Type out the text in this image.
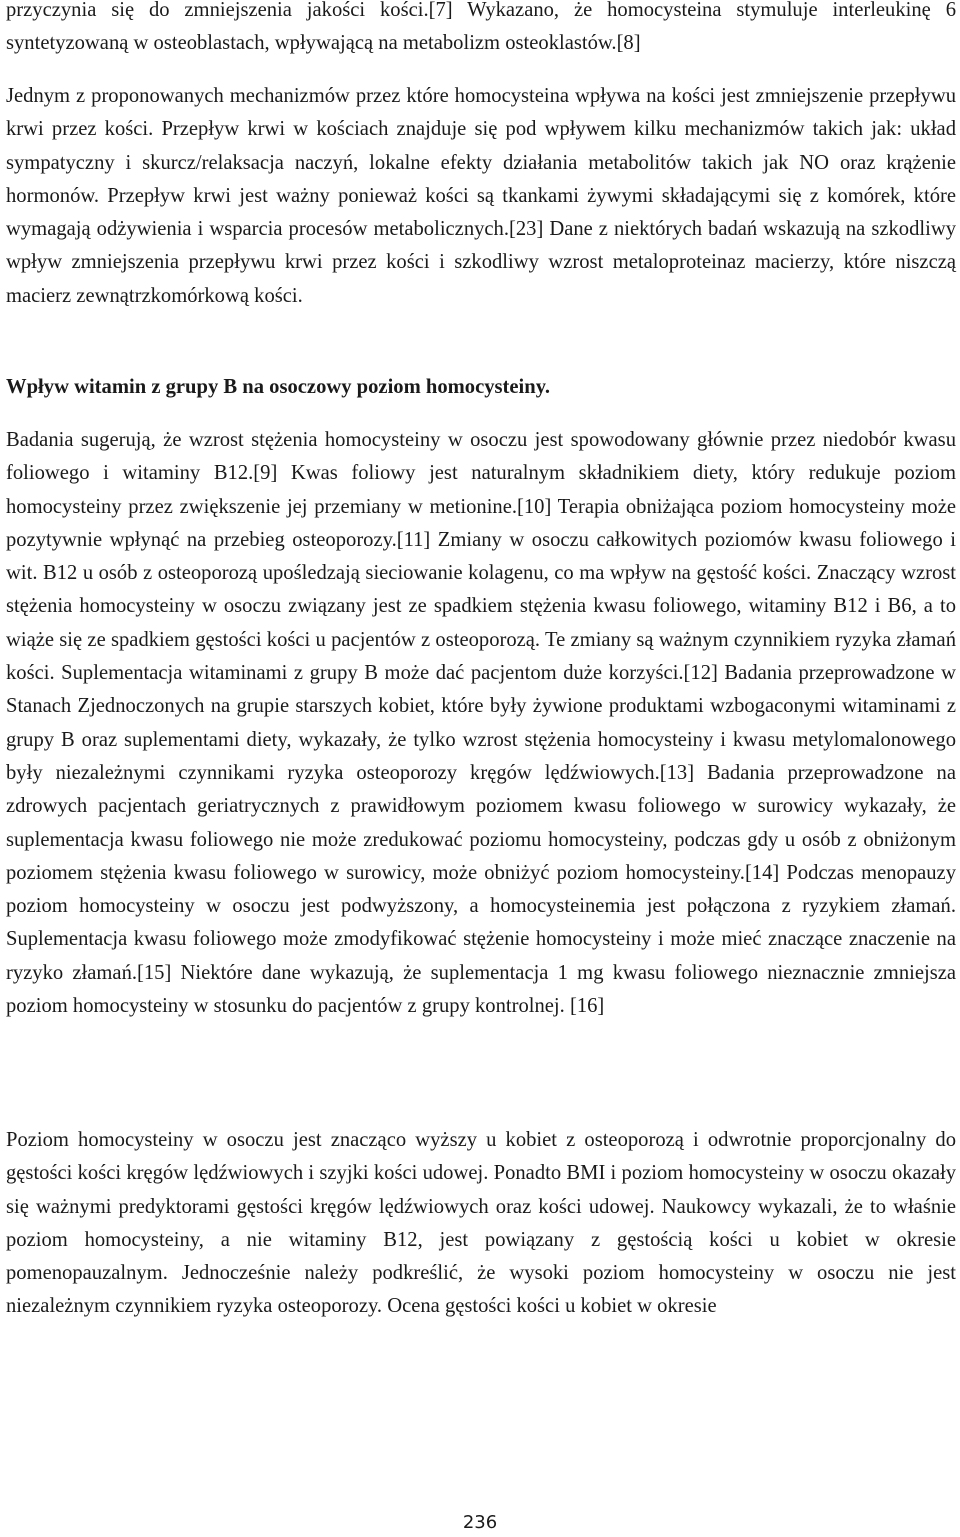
przyczynia się do zmniejszenia jakości kości.[7] Wykazano, że homocysteina stymuluje interleukinę 6 syntetyzowaną w osteoblastach, wpływającą na metabolizm osteoklastów.[8]

Jednym z proponowanych mechanizmów przez które homocysteina wpływa na kości jest zmniejszenie przepływu krwi przez kości. Przepływ krwi w kościach znajduje się pod wpływem kilku mechanizmów takich jak: układ sympatyczny i skurcz/relaksacja naczyń, lokalne efekty działania metabolitów takich jak NO oraz krążenie hormonów. Przepływ krwi jest ważny ponieważ kości są tkankami żywymi składającymi się z komórek, które wymagają odżywienia i wsparcia procesów metabolicznych.[23] Dane z niektórych badań wskazują na szkodliwy wpływ zmniejszenia przepływu krwi przez kości i szkodliwy wzrost metaloproteinaz macierzy, które niszczą macierz zewnątrzkomórkową kości.

Wpływ witamin z grupy B na osoczowy poziom homocysteiny.

Badania sugerują, że wzrost stężenia homocysteiny w osoczu jest spowodowany głównie przez niedobór kwasu foliowego i witaminy B12.[9] Kwas foliowy jest naturalnym składnikiem diety, który redukuje poziom homocysteiny przez zwiększenie jej przemiany w metionine.[10] Terapia obniżająca poziom homocysteiny może pozytywnie wpłynąć na przebieg osteoporozy.[11] Zmiany w osoczu całkowitych poziomów kwasu foliowego i wit. B12 u osób z osteoporozą upośledzają sieciowanie kolagenu, co ma wpływ na gęstość kości. Znaczący wzrost stężenia homocysteiny w osoczu związany jest ze spadkiem stężenia kwasu foliowego, witaminy B12 i B6, a to wiąże się ze spadkiem gęstości kości u pacjentów z osteoporozą. Te zmiany są ważnym czynnikiem ryzyka złamań kości. Suplementacja witaminami z grupy B może dać pacjentom duże korzyści.[12] Badania przeprowadzone w Stanach Zjednoczonych na grupie starszych kobiet, które były żywione produktami wzbogaconymi witaminami z grupy B oraz suplementami diety, wykazały, że tylko wzrost stężenia homocysteiny i kwasu metylomalonowego były niezależnymi czynnikami ryzyka osteoporozy kręgów lędźwiowych.[13] Badania przeprowadzone na zdrowych pacjentach geriatrycznych z prawidłowym poziomem kwasu foliowego w surowicy wykazały, że suplementacja kwasu foliowego nie może zredukować poziomu homocysteiny, podczas gdy u osób z obniżonym poziomem stężenia kwasu foliowego w surowicy, może obniżyć poziom homocysteiny.[14] Podczas menopauzy poziom homocysteiny w osoczu jest podwyższony, a homocysteinemia jest połączona z ryzykiem złamań. Suplementacja kwasu foliowego może zmodyfikować stężenie homocysteiny i może mieć znaczące znaczenie na ryzyko złamań.[15] Niektóre dane wykazują, że suplementacja 1 mg kwasu foliowego nieznacznie zmniejsza poziom homocysteiny w stosunku do pacjentów z grupy kontrolnej. [16]

Poziom homocysteiny w osoczu jest znacząco wyższy u kobiet z osteoporozą i odwrotnie proporcjonalny do gęstości kości kręgów lędźwiowych i szyjki kości udowej. Ponadto BMI i poziom homocysteiny w osoczu okazały się ważnymi predyktorami gęstości kręgów lędźwiowych oraz kości udowej. Naukowcy wykazali, że to właśnie poziom homocysteiny, a nie witaminy B12, jest powiązany z gęstością kości u kobiet w okresie pomenopauzalnym. Jednocześnie należy podkreślić, że wysoki poziom homocysteiny w osoczu nie jest niezależnym czynnikiem ryzyka osteoporozy. Ocena gęstości kości u kobiet w okresie

236
